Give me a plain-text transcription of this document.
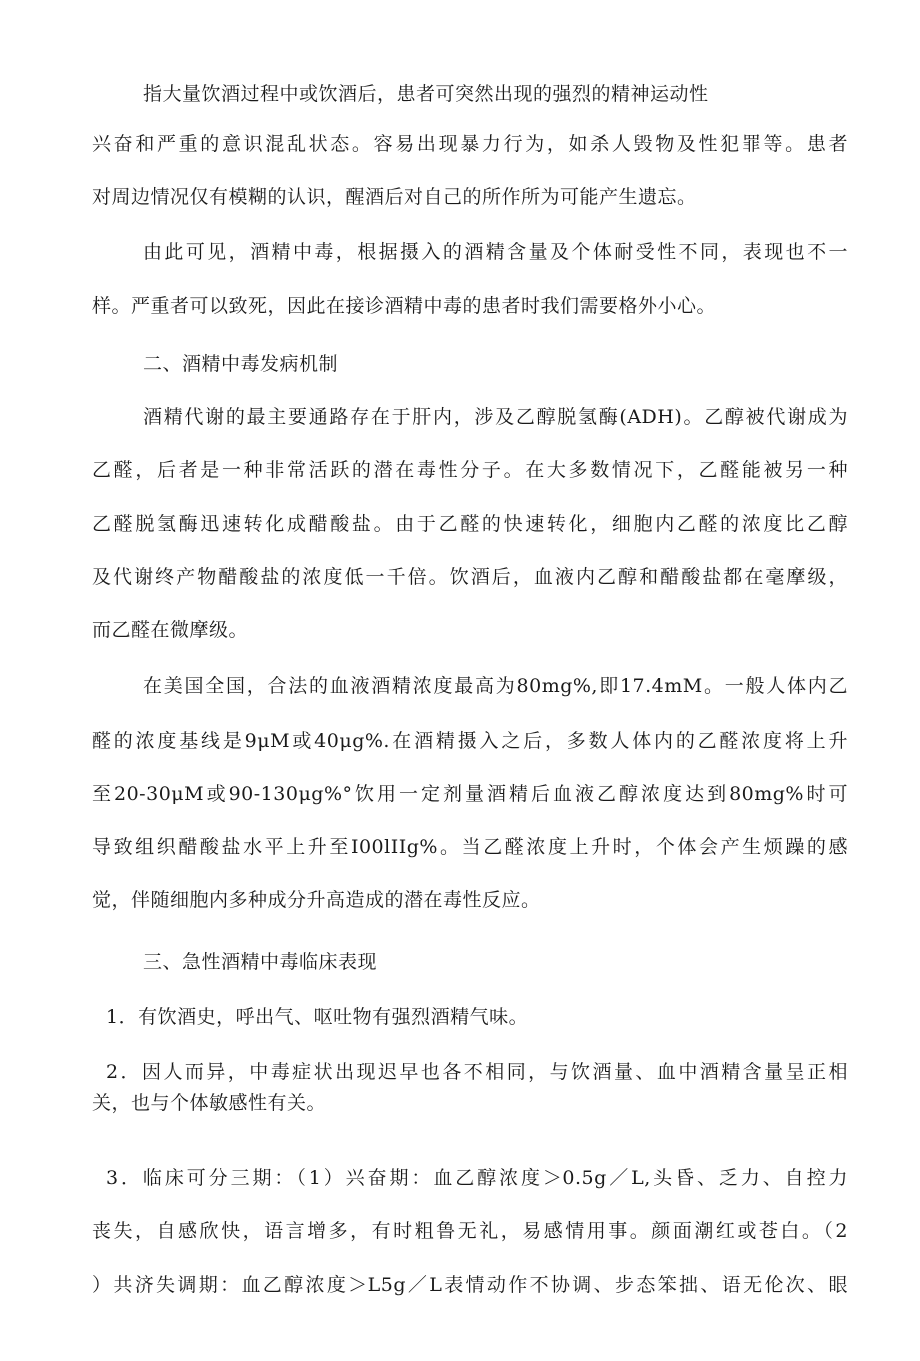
指大量饮酒过程中或饮酒后，患者可突然出现的强烈的精神运动性
兴奋和严重的意识混乱状态。容易出现暴力行为，如杀人毁物及性犯罪等。患者
对周边情况仅有模糊的认识，醒酒后对自己的所作所为可能产生遗忘。
由此可见，酒精中毒，根据摄入的酒精含量及个体耐受性不同，表现也不一
样。严重者可以致死，因此在接诊酒精中毒的患者时我们需要格外小心。
二、酒精中毒发病机制
酒精代谢的最主要通路存在于肝内，涉及乙醇脱氢酶(ADH)。乙醇被代谢成为
乙醛，后者是一种非常活跃的潜在毒性分子。在大多数情况下，乙醛能被另一种
乙醛脱氢酶迅速转化成醋酸盐。由于乙醛的快速转化，细胞内乙醛的浓度比乙醇
及代谢终产物醋酸盐的浓度低一千倍。饮酒后，血液内乙醇和醋酸盐都在毫摩级，
而乙醛在微摩级。
在美国全国，合法的血液酒精浓度最高为80mg%,即17.4mM。一般人体内乙
醛的浓度基线是9μM或40μg%.在酒精摄入之后，多数人体内的乙醛浓度将上升
至20-30μM或90-130μg%°饮用一定剂量酒精后血液乙醇浓度达到80mg%时可
导致组织醋酸盐水平上升至I00lIIg%。当乙醛浓度上升时，个体会产生烦躁的感
觉，伴随细胞内多种成分升高造成的潜在毒性反应。
三、急性酒精中毒临床表现
1．有饮酒史，呼出气、呕吐物有强烈酒精气味。
2．因人而异，中毒症状出现迟早也各不相同，与饮酒量、血中酒精含量呈正相
关，也与个体敏感性有关。
3．临床可分三期：（1）兴奋期：血乙醇浓度＞0.5g／L,头昏、乏力、自控力
丧失，自感欣快，语言增多，有时粗鲁无礼，易感情用事。颜面潮红或苍白。（2
）共济失调期：血乙醇浓度＞L5g／L表情动作不协调、步态笨拙、语无伦次、眼
